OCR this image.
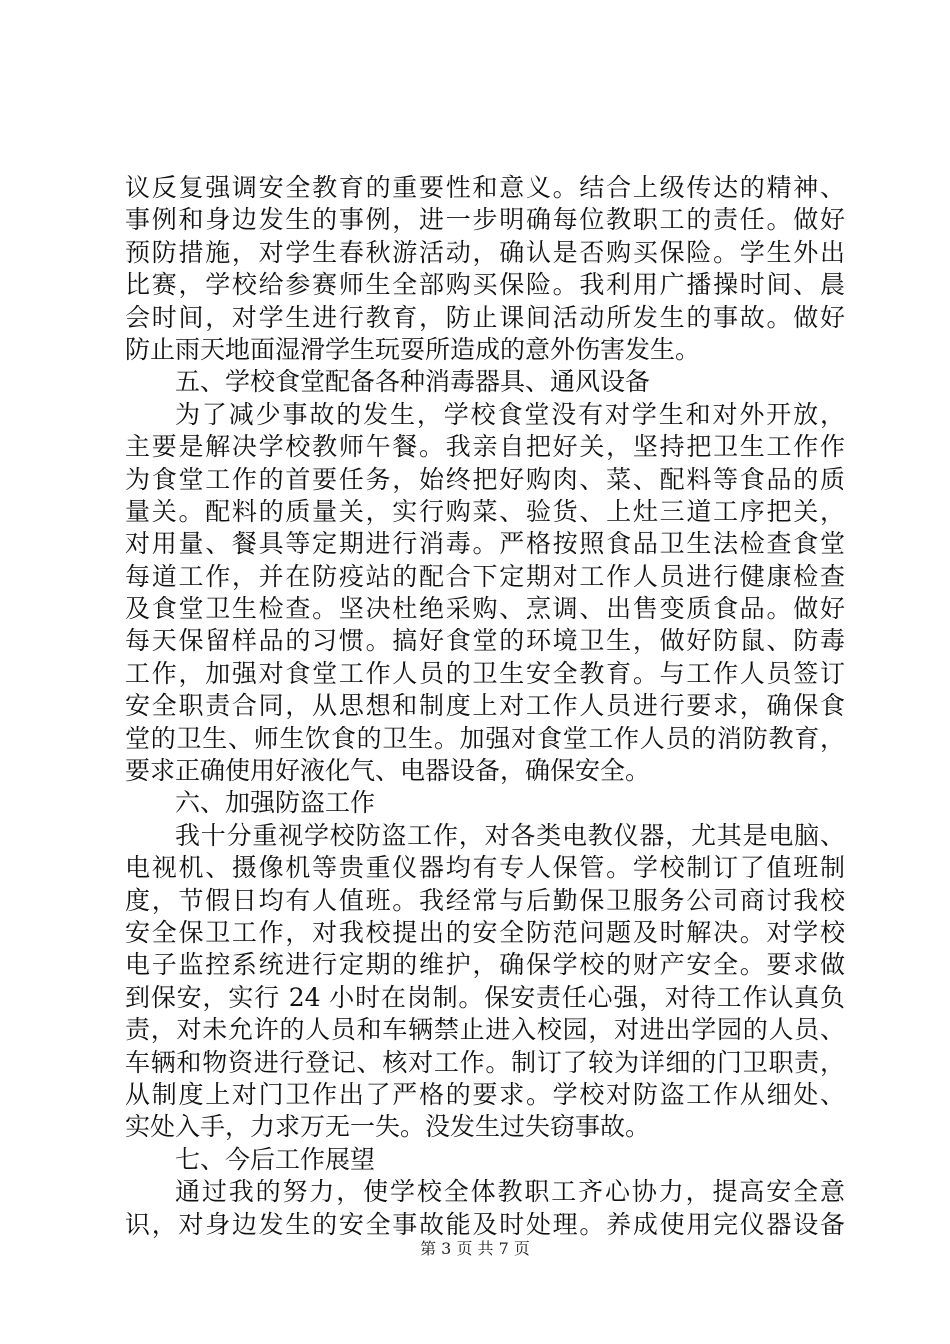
议反复强调安全教育的重要性和意义。结合上级传达的精神、
事例和身边发生的事例，进一步明确每位教职工的责任。做好
预防措施，对学生春秋游活动，确认是否购买保险。学生外出
比赛，学校给参赛师生全部购买保险。我利用广播操时间、晨
会时间，对学生进行教育，防止课间活动所发生的事故。做好
防止雨天地面湿滑学生玩耍所造成的意外伤害发生。
五、学校食堂配备各种消毒器具、通风设备
为了减少事故的发生，学校食堂没有对学生和对外开放，
主要是解决学校教师午餐。我亲自把好关，坚持把卫生工作作
为食堂工作的首要任务，始终把好购肉、菜、配料等食品的质
量关。配料的质量关，实行购菜、验货、上灶三道工序把关，
对用量、餐具等定期进行消毒。严格按照食品卫生法检查食堂
每道工作，并在防疫站的配合下定期对工作人员进行健康检查
及食堂卫生检查。坚决杜绝采购、烹调、出售变质食品。做好
每天保留样品的习惯。搞好食堂的环境卫生，做好防鼠、防毒
工作，加强对食堂工作人员的卫生安全教育。与工作人员签订
安全职责合同，从思想和制度上对工作人员进行要求，确保食
堂的卫生、师生饮食的卫生。加强对食堂工作人员的消防教育，
要求正确使用好液化气、电器设备，确保安全。
六、加强防盗工作
我十分重视学校防盗工作，对各类电教仪器，尤其是电脑、
电视机、摄像机等贵重仪器均有专人保管。学校制订了值班制
度，节假日均有人值班。我经常与后勤保卫服务公司商讨我校
安全保卫工作，对我校提出的安全防范问题及时解决。对学校
电子监控系统进行定期的维护，确保学校的财产安全。要求做
到保安，实行 24 小时在岗制。保安责任心强，对待工作认真负
责，对未允许的人员和车辆禁止进入校园，对进出学园的人员、
车辆和物资进行登记、核对工作。制订了较为详细的门卫职责，
从制度上对门卫作出了严格的要求。学校对防盗工作从细处、
实处入手，力求万无一失。没发生过失窃事故。
七、今后工作展望
通过我的努力，使学校全体教职工齐心协力，提高安全意
识，对身边发生的安全事故能及时处理。养成使用完仪器设备
第 3 页 共 7 页
